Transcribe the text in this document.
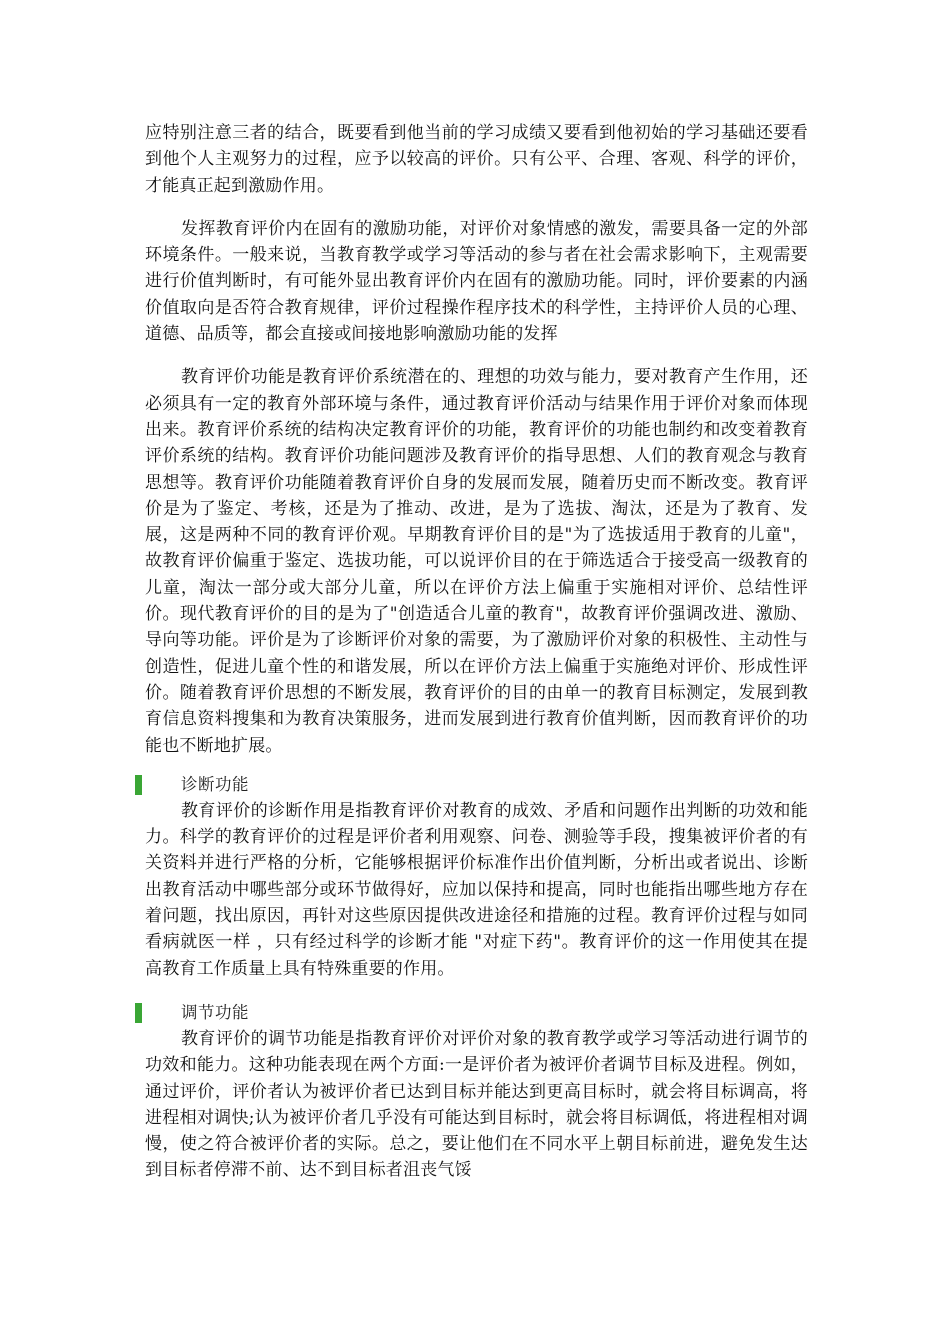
应特别注意三者的结合，既要看到他当前的学习成绩又要看到他初始的学习基础还要看到他个人主观努力的过程，应予以较高的评价。只有公平、合理、客观、科学的评价，才能真正起到激励作用。

发挥教育评价内在固有的激励功能，对评价对象情感的激发，需要具备一定的外部环境条件。一般来说，当教育教学或学习等活动的参与者在社会需求影响下，主观需要进行价值判断时，有可能外显出教育评价内在固有的激励功能。同时，评价要素的内涵价值取向是否符合教育规律，评价过程操作程序技术的科学性，主持评价人员的心理、道德、品质等，都会直接或间接地影响激励功能的发挥

教育评价功能是教育评价系统潜在的、理想的功效与能力，要对教育产生作用，还必须具有一定的教育外部环境与条件，通过教育评价活动与结果作用于评价对象而体现出来。教育评价系统的结构决定教育评价的功能，教育评价的功能也制约和改变着教育评价系统的结构。教育评价功能问题涉及教育评价的指导思想、人们的教育观念与教育思想等。教育评价功能随着教育评价自身的发展而发展，随着历史而不断改变。教育评价是为了鉴定、考核，还是为了推动、改进，是为了选拔、淘汰，还是为了教育、发展，这是两种不同的教育评价观。早期教育评价目的是"为了选拔适用于教育的儿童"，故教育评价偏重于鉴定、选拔功能，可以说评价目的在于筛选适合于接受高一级教育的儿童，淘汰一部分或大部分儿童，所以在评价方法上偏重于实施相对评价、总结性评价。现代教育评价的目的是为了"创造适合儿童的教育"，故教育评价强调改进、激励、导向等功能。评价是为了诊断评价对象的需要，为了激励评价对象的积极性、主动性与创造性，促进儿童个性的和谐发展，所以在评价方法上偏重于实施绝对评价、形成性评价。随着教育评价思想的不断发展，教育评价的目的由单一的教育目标测定，发展到教育信息资料搜集和为教育决策服务，进而发展到进行教育价值判断，因而教育评价的功能也不断地扩展。

诊断功能

教育评价的诊断作用是指教育评价对教育的成效、矛盾和问题作出判断的功效和能力。科学的教育评价的过程是评价者利用观察、问卷、测验等手段，搜集被评价者的有关资料并进行严格的分析，它能够根据评价标准作出价值判断，分析出或者说出、诊断出教育活动中哪些部分或环节做得好，应加以保持和提高，同时也能指出哪些地方存在着问题，找出原因，再针对这些原因提供改进途径和措施的过程。教育评价过程与如同看病就医一样 ，只有经过科学的诊断才能 "对症下药"。教育评价的这一作用使其在提高教育工作质量上具有特殊重要的作用。

调节功能

教育评价的调节功能是指教育评价对评价对象的教育教学或学习等活动进行调节的功效和能力。这种功能表现在两个方面:一是评价者为被评价者调节目标及进程。例如，通过评价，评价者认为被评价者已达到目标并能达到更高目标时，就会将目标调高，将进程相对调快;认为被评价者几乎没有可能达到目标时，就会将目标调低，将进程相对调慢，使之符合被评价者的实际。总之，要让他们在不同水平上朝目标前进，避免发生达到目标者停滞不前、达不到目标者沮丧气馁
